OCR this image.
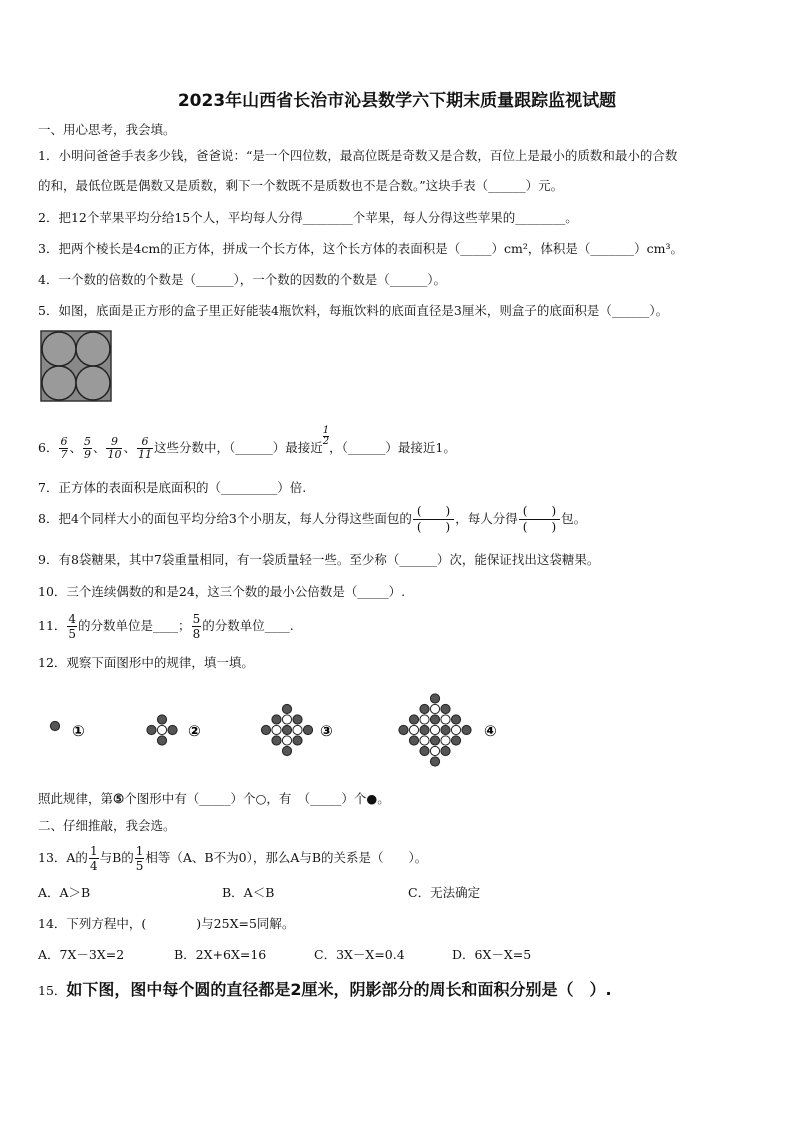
2023年山西省长治市沁县数学六下期末质量跟踪监视试题
一、用心思考，我会填。
1．小明问爸爸手表多少钱，爸爸说：“是一个四位数，最高位既是奇数又是合数，百位上是最小的质数和最小的合数
的和，最低位既是偶数又是质数，剩下一个数既不是质数也不是合数。”这块手表（______）元。
2．把12个苹果平均分给15个人，平均每人分得________个苹果，每人分得这些苹果的________。
3．把两个棱长是4cm的正方体，拼成一个长方体，这个长方体的表面积是（_____）cm²，体积是（_______）cm³。
4．一个数的倍数的个数是（______），一个数的因数的个数是（______）。
5．如图，底面是正方形的盒子里正好能装4瓶饮料，每瓶饮料的底面直径是3厘米，则盒子的底面积是（______）。
6． $\frac{6}{7}$ 、 $\frac{5}{9}$ 、 $\frac{9}{10}$ 、 $\frac{6}{11}$ 这些分数中，（______）最接近
$\frac{1}{2}$，（______）最接近1。
7．正方体的表面积是底面积的（_________）倍.
8．把4个同样大小的面包平均分给3个小朋友，每人分得这些面包的 $\frac{( )}{( )}$ ，每人分得 $\frac{( )}{( )}$ 包。
9．有8袋糖果，其中7袋重量相同，有一袋质量轻一些。至少称（______）次，能保证找出这袋糖果。
10．三个连续偶数的和是24，这三个数的最小公倍数是（_____）.
11． $\frac{4}{5}$ 的分数单位是____； $\frac{5}{8}$ 的分数单位____.
12．观察下面图形中的规律，填一填。
①	②	③	④
照此规律，第⑤个图形中有（_____）个○，有　（_____）个●。
二、仔细推敲，我会选。
13．A的 $\frac{1}{4}$ 与B的 $\frac{1}{5}$ 相等（A、B不为0），那么A与B的关系是（　　）。
A．A＞B	B．A＜B	C．无法确定
14．下列方程中，(　　　　)与25X=5同解。
A．7X－3X=2	B．2X+6X=16	C．3X－X=0.4	D．6X－X=5
15．如下图，图中每个圆的直径都是2厘米，阴影部分的周长和面积分别是（　）.
